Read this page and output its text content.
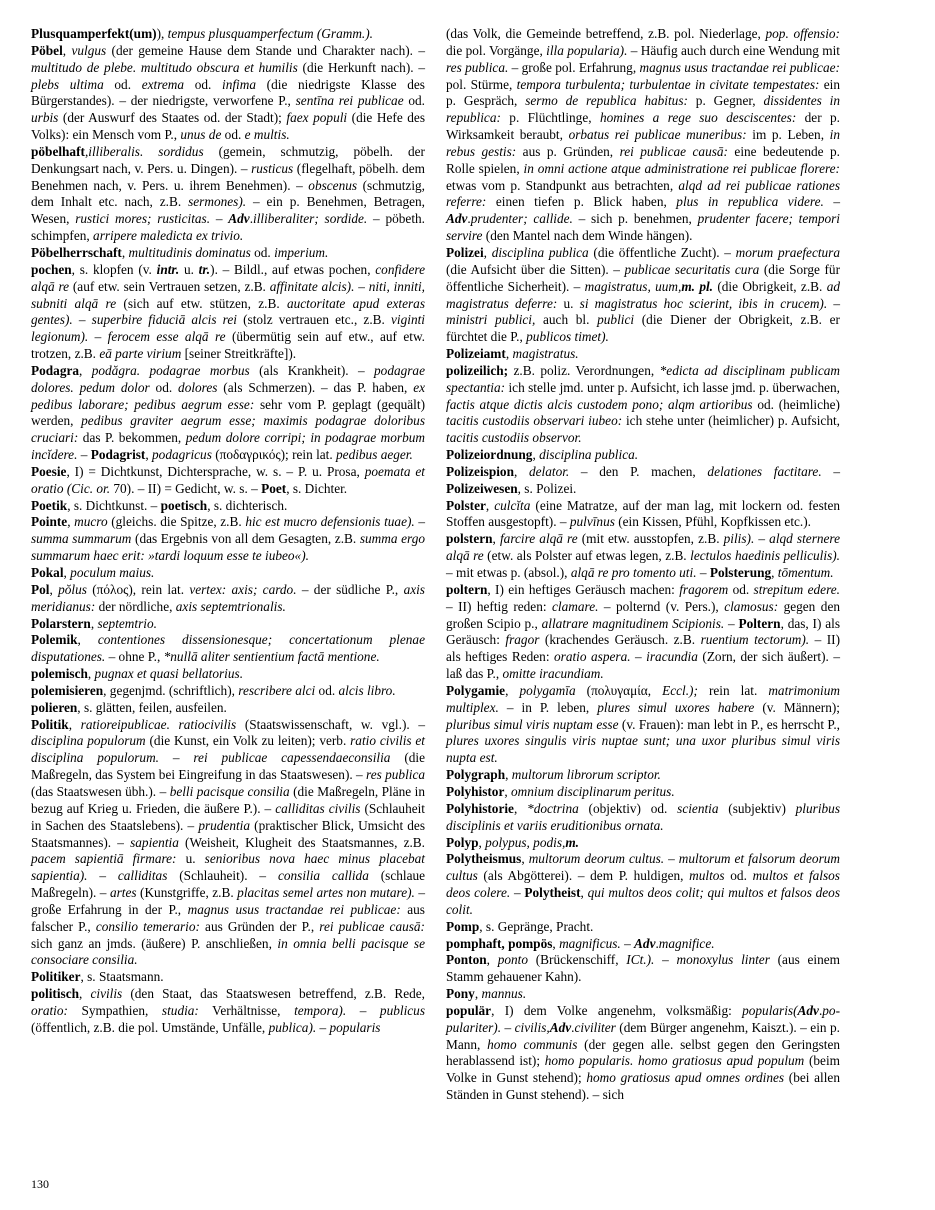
Plusquamperfekt(um)), tempus plusquamperfectum (Gramm.).

Pöbel, vulgus (der gemeine Hause dem Stande und Charakter nach). – multitudo de plebe. multitudo obscura et humilis (die Herkunft nach). – plebs ultima od. extrema od. infima (die niedrigste Klasse des Bürgerstandes). – der niedrigste, verworfene P., sentīna rei publicae od. urbis (der Auswurf des Staates od. der Stadt); faex populi (die Hefe des Volks): ein Mensch vom P., unus de od. e multis.

pöbelhaft,illiberalis. sordidus (gemein, schmutzig, pöbelh. der Denkungsart nach, v. Pers. u. Dingen). – rusticus (flegelhaft, pöbelh. dem Benehmen nach, v. Pers. u. ihrem Benehmen). – obscenus (schmutzig, dem Inhalt etc. nach, z.B. sermones). – ein p. Benehmen, Betragen, Wesen, rustici mores; rusticitas. – Adv.illiberaliter; sordide. – pöbeth. schimpfen, arripere maledicta ex trivio.

Pöbelherrschaft, multitudinis dominatus od. imperium.

pochen, s. klopfen (v. intr. u. tr.). – Bildl., auf etwas pochen, confidere alqā re (auf etw. sein Vertrauen setzen, z.B. affinitate alcis). – niti, inniti, subniti alqā re (sich auf etw. stützen, z.B. auctoritate apud exteras gentes). – superbire fiduciā alcis rei (stolz vertrauen etc., z.B. viginti legionum). – ferocem esse alqā re (übermütig sein auf etw., auf etw. trotzen, z.B. eā parte virium [seiner Streitkräfte]).

Podagra, podăgra. podagrae morbus (als Krankheit). – podagrae dolores. pedum dolor od. dolores (als Schmerzen). – das P. haben, ex pedibus laborare; pedibus aegrum esse: sehr vom P. geplagt (gequält) werden, pedibus graviter aegrum esse; maximis podagrae doloribus cruciari: das P. bekommen, pedum dolore corripi; in podagrae morbum incĭdere. – Podagrist, podagricus (ποδαγρικός); rein lat. pedibus aeger.

Poesie, I) = Dichtkunst, Dichtersprache, w. s. – P. u. Prosa, poemata et oratio (Cic. or. 70). – II) = Gedicht, w. s. – Poet, s. Dichter.

Poetik, s. Dichtkunst. – poetisch, s. dichterisch.

Pointe, mucro (gleichs. die Spitze, z.B. hic est mucro defensionis tuae). – summa summarum (das Ergebnis von all dem Gesagten, z.B. summa ergo summarum haec erit: »tardi loquum esse te iubeo«).

Pokal, poculum maius.

Pol, pŏlus (πόλος), rein lat. vertex: axis; cardo. – der südliche P., axis meridianus: der nördliche, axis septemtrionalis.

Polarstern, septemtrio.

Polemik, contentiones dissensionesque; concertationum plenae disputationes. – ohne P., *nullā aliter sentientium factā mentione.

polemisch, pugnax et quasi bellatorius.

polemisieren, gegenjmd. (schriftlich), rescribere alci od. alcis libro.

polieren, s. glätten, feilen, ausfeilen.

Politik, ratioreipublicae. ratiocivilis (Staatswissenschaft, w. vgl.). – disciplina populorum (die Kunst, ein Volk zu leiten); verb. ratio civilis et disciplina populorum. – rei publicae capessendaeconsilia (die Maßregeln, das System bei Eingreifung in das Staatswesen). – res publica (das Staatswesen übh.). – belli pacisque consilia (die Maßregeln, Pläne in bezug auf Krieg u. Frieden, die äußere P.). – calliditas civilis (Schlauheit in Sachen des Staatslebens). – prudentia (praktischer Blick, Umsicht des Staatsmannes). – sapientia (Weisheit, Klugheit des Staatsmannes, z.B. pacem sapientiā firmare: u. senioribus nova haec minus placebat sapientia). – calliditas (Schlauheit). – consilia callida (schlaue Maßregeln). – artes (Kunstgriffe, z.B. placitas semel artes non mutare). – große Erfahrung in der P., magnus usus tractandae rei publicae: aus falscher P., consilio temerario: aus Gründen der P., rei publicae causā: sich ganz an jmds. (äußere) P. anschließen, in omnia belli pacisque se consociare consilia.

Politiker, s. Staatsmann.

politisch, civilis (den Staat, das Staatswesen betreffend, z.B. Rede, oratio: Sympathien, studia: Verhältnisse, tempora). – publicus (öffentlich, z.B. die pol. Umstände, Unfälle, publica). – popularis

(das Volk, die Gemeinde betreffend, z.B. pol. Niederlage, pop. offensio: die pol. Vorgänge, illa popularia). – Häufig auch durch eine Wendung mit res publica. – große pol. Erfahrung, magnus usus tractandae rei publicae: pol. Stürme, tempora turbulenta; turbulentae in civitate tempestates: ein p. Gespräch, sermo de republica habitus: p. Gegner, dissidentes in republica: p. Flüchtlinge, homines a rege suo desciscentes: der p. Wirksamkeit beraubt, orbatus rei publicae muneribus: im p. Leben, in rebus gestis: aus p. Gründen, rei publicae causā: eine bedeutende p. Rolle spielen, in omni actione atque administratione rei publicae florere: etwas vom p. Standpunkt aus betrachten, alqd ad rei publicae rationes referre: einen tiefen p. Blick haben, plus in republica videre. – Adv.prudenter; callide. – sich p. benehmen, prudenter facere; tempori servire (den Mantel nach dem Winde hängen).

Polizei, disciplina publica (die öffentliche Zucht). – morum praefectura (die Aufsicht über die Sitten). – publicae securitatis cura (die Sorge für öffentliche Sicherheit). – magistratus, uum,m. pl. (die Obrigkeit, z.B. ad magistratus deferre: u. si magistratus hoc scierint, ibis in crucem). – ministri publici, auch bl. publici (die Diener der Obrigkeit, z.B. er fürchtet die P., publicos timet).

Polizeiamt, magistratus.

polizeilich; z.B. poliz. Verordnungen, *edicta ad disciplinam publicam spectantia: ich stelle jmd. unter p. Aufsicht, ich lasse jmd. p. überwachen, factis atque dictis alcis custodem pono; alqm artioribus od. (heimliche) tacitis custodiis observari iubeo: ich stehe unter (heimlicher) p. Aufsicht, tacitis custodiis observor.

Polizeiordnung, disciplina publica.

Polizeispion, delator. – den P. machen, delationes factitare. – Polizeiwesen, s. Polizei.

Polster, culcĭta (eine Matratze, auf der man lag, mit lockern od. festen Stoffen ausgestopft). – pulvīnus (ein Kissen, Pfühl, Kopfkissen etc.).

polstern, farcire alqā re (mit etw. ausstopfen, z.B. pilis). – alqd sternere alqā re (etw. als Polster auf etwas legen, z.B. lectulos haedinis pelliculis). – mit etwas p. (absol.), alqā re pro tomento uti. – Polsterung, tōmentum.

poltern, I) ein heftiges Geräusch machen: fragorem od. strepitum edere. – II) heftig reden: clamare. – polternd (v. Pers.), clamosus: gegen den großen Scipio p., allatrare magnitudinem Scipionis. – Poltern, das, I) als Geräusch: fragor (krachendes Geräusch. z.B. ruentium tectorum). – II) als heftiges Reden: oratio aspera. – iracundia (Zorn, der sich äußert). – laß das P., omitte iracundiam.

Polygamie, polygamīa (πολυγαμία, Eccl.); rein lat. matrimonium multiplex. – in P. leben, plures simul uxores habere (v. Männern); pluribus simul viris nuptam esse (v. Frauen): man lebt in P., es herrscht P., plures uxores singulis viris nuptae sunt; una uxor pluribus simul viris nupta est.

Polygraph, multorum librorum scriptor.

Polyhistor, omnium disciplinarum peritus.

Polyhistorie, *doctrina (objektiv) od. scientia (subjektiv) pluribus disciplinis et variis eruditionibus ornata.

Polyp, polypus, podis,m.

Polytheismus, multorum deorum cultus. – multorum et falsorum deorum cultus (als Abgötterei). – dem P. huldigen, multos od. multos et falsos deos colere. – Polytheist, qui multos deos colit; qui multos et falsos deos colit.

Pomp, s. Gepränge, Pracht.

pomphaft, pompös, magnificus. – Adv.magnifice.

Ponton, ponto (Brückenschiff, ICt.). – monoxylus linter (aus einem Stamm gehauener Kahn).

Pony, mannus.

populär, I) dem Volke angenehm, volksmäßig: popularis(Adv.populariter). – civilis,Adv.civiliter (dem Bürger angenehm, Kaiszt.). – ein p. Mann, homo communis (der gegen alle. selbst gegen den Geringsten herablassend ist); homo popularis. homo gratiosus apud populum (beim Volke in Gunst stehend); homo gratiosus apud omnes ordines (bei allen Ständen in Gunst stehend). – sich

130
